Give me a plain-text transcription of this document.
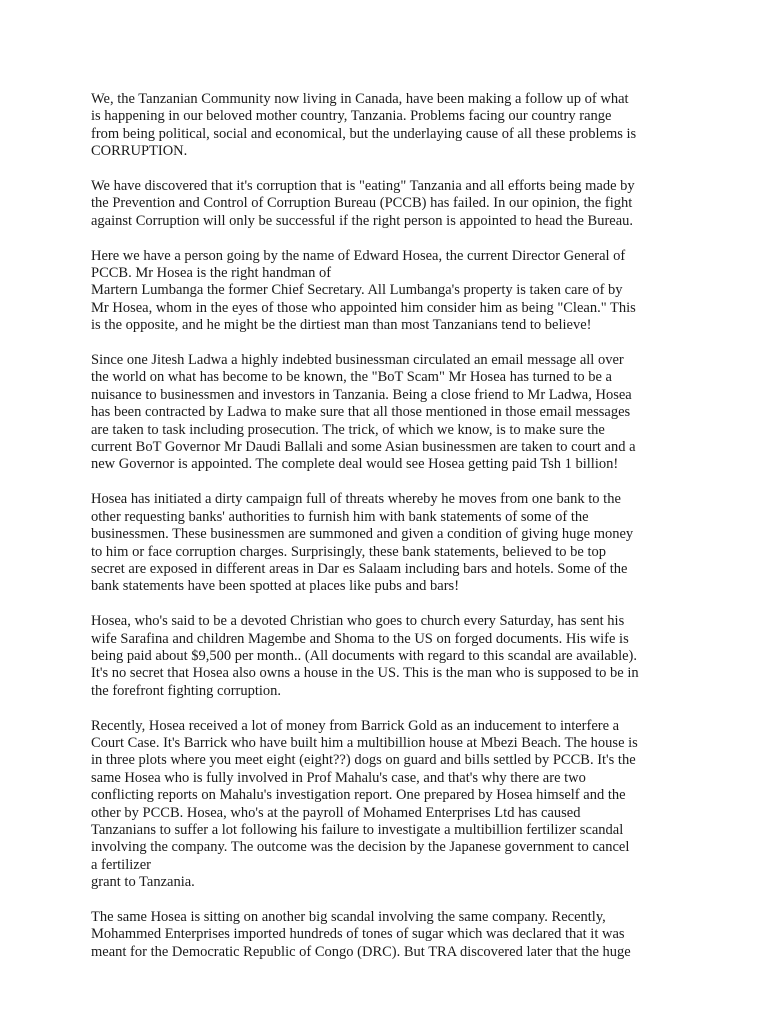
We, the Tanzanian Community now living in Canada, have been making a follow up of what
is happening in our beloved mother country, Tanzania. Problems facing our country range
from being political, social and economical, but the underlaying cause of all these problems is
CORRUPTION.

We have discovered that it's corruption that is "eating" Tanzania and all efforts being made by
the Prevention and Control of Corruption Bureau (PCCB) has failed. In our opinion, the fight
against Corruption will only be successful if the right person is appointed to head the Bureau.

Here we have a person going by the name of Edward Hosea, the current Director General of
PCCB. Mr Hosea is the right handman of
Martern Lumbanga the former Chief Secretary. All Lumbanga's property is taken care of by
Mr Hosea, whom in the eyes of those who appointed him consider him as being "Clean." This
is the opposite, and he might be the dirtiest man than most Tanzanians tend to believe!

Since one Jitesh Ladwa a highly indebted businessman circulated an email message all over
the world on what has become to be known, the "BoT Scam" Mr Hosea has turned to be a
nuisance to businessmen and investors in Tanzania. Being a close friend to Mr Ladwa, Hosea
has been contracted by Ladwa to make sure that all those mentioned in those email messages
are taken to task including prosecution. The trick, of which we know, is to make sure the
current BoT Governor Mr Daudi Ballali and some Asian businessmen are taken to court and a
new Governor is appointed. The complete deal would see Hosea getting paid Tsh 1 billion!

Hosea has initiated a dirty campaign full of threats whereby he moves from one bank to the
other requesting banks' authorities to furnish him with bank statements of some of the
businessmen. These businessmen are summoned and given a condition of giving huge money
to him or face corruption charges. Surprisingly, these bank statements, believed to be top
secret are exposed in different areas in Dar es Salaam including bars and hotels. Some of the
bank statements have been spotted at places like pubs and bars!

Hosea, who's said to be a devoted Christian who goes to church every Saturday, has sent his
wife Sarafina and children Magembe and Shoma to the US on forged documents. His wife is
being paid about $9,500 per month.. (All documents with regard to this scandal are available).
It's no secret that Hosea also owns a house in the US. This is the man who is supposed to be in
the forefront fighting corruption.

Recently, Hosea received a lot of money from Barrick Gold as an inducement to interfere a
Court Case. It's Barrick who have built him a multibillion house at Mbezi Beach. The house is
in three plots where you meet eight (eight??) dogs on guard and bills settled by PCCB. It's the
same Hosea who is fully involved in Prof Mahalu's case, and that's why there are two
conflicting reports on Mahalu's investigation report. One prepared by Hosea himself and the
other by PCCB. Hosea, who's at the payroll of Mohamed Enterprises Ltd has caused
Tanzanians to suffer a lot following his failure to investigate a multibillion fertilizer scandal
involving the company. The outcome was the decision by the Japanese government to cancel
a fertilizer
grant to Tanzania.

The same Hosea is sitting on another big scandal involving the same company. Recently,
Mohammed Enterprises imported hundreds of tones of sugar which was declared that it was
meant for the Democratic Republic of Congo (DRC). But TRA discovered later that the huge
